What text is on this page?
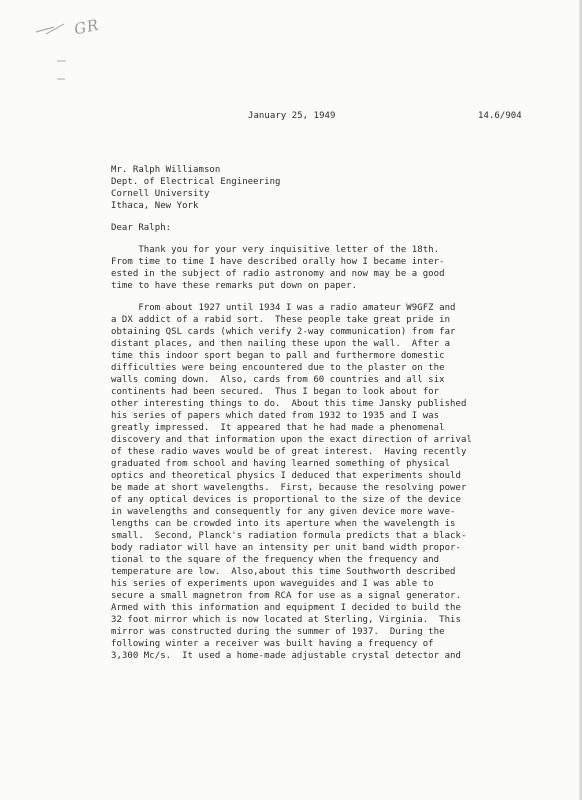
GR
January 25, 1949	14.6/904
Mr. Ralph Williamson
Dept. of Electrical Engineering
Cornell University
Ithaca, New York
Dear Ralph:
Thank you for your very inquisitive letter of the 18th.
From time to time I have described orally how I became inter-
ested in the subject of radio astronomy and now may be a good
time to have these remarks put down on paper.
From about 1927 until 1934 I was a radio amateur W9GFZ and
a DX addict of a rabid sort.  These people take great pride in
obtaining QSL cards (which verify 2-way communication) from far
distant places, and then nailing these upon the wall.  After a
time this indoor sport began to pall and furthermore domestic
difficulties were being encountered due to the plaster on the
walls coming down.  Also, cards from 60 countries and all six
continents had been secured.  Thus I began to look about for
other interesting things to do.  About this time Jansky published
his series of papers which dated from 1932 to 1935 and I was
greatly impressed.  It appeared that he had made a phenomenal
discovery and that information upon the exact direction of arrival
of these radio waves would be of great interest.  Having recently
graduated from school and having learned something of physical
optics and theoretical physics I deduced that experiments should
be made at short wavelengths.  First, because the resolving power
of any optical devices is proportional to the size of the device
in wavelengths and consequently for any given device more wave-
lengths can be crowded into its aperture when the wavelength is
small.  Second, Planck's radiation formula predicts that a black-
body radiator will have an intensity per unit band width propor-
tional to the square of the frequency when the frequency and
temperature are low.  Also,about this time Southworth described
his series of experiments upon waveguides and I was able to
secure a small magnetron from RCA for use as a signal generator.
Armed with this information and equipment I decided to build the
32 foot mirror which is now located at Sterling, Virginia.  This
mirror was constructed during the summer of 1937.  During the
following winter a receiver was built having a frequency of
3,300 Mc/s.  It used a home-made adjustable crystal detector and
